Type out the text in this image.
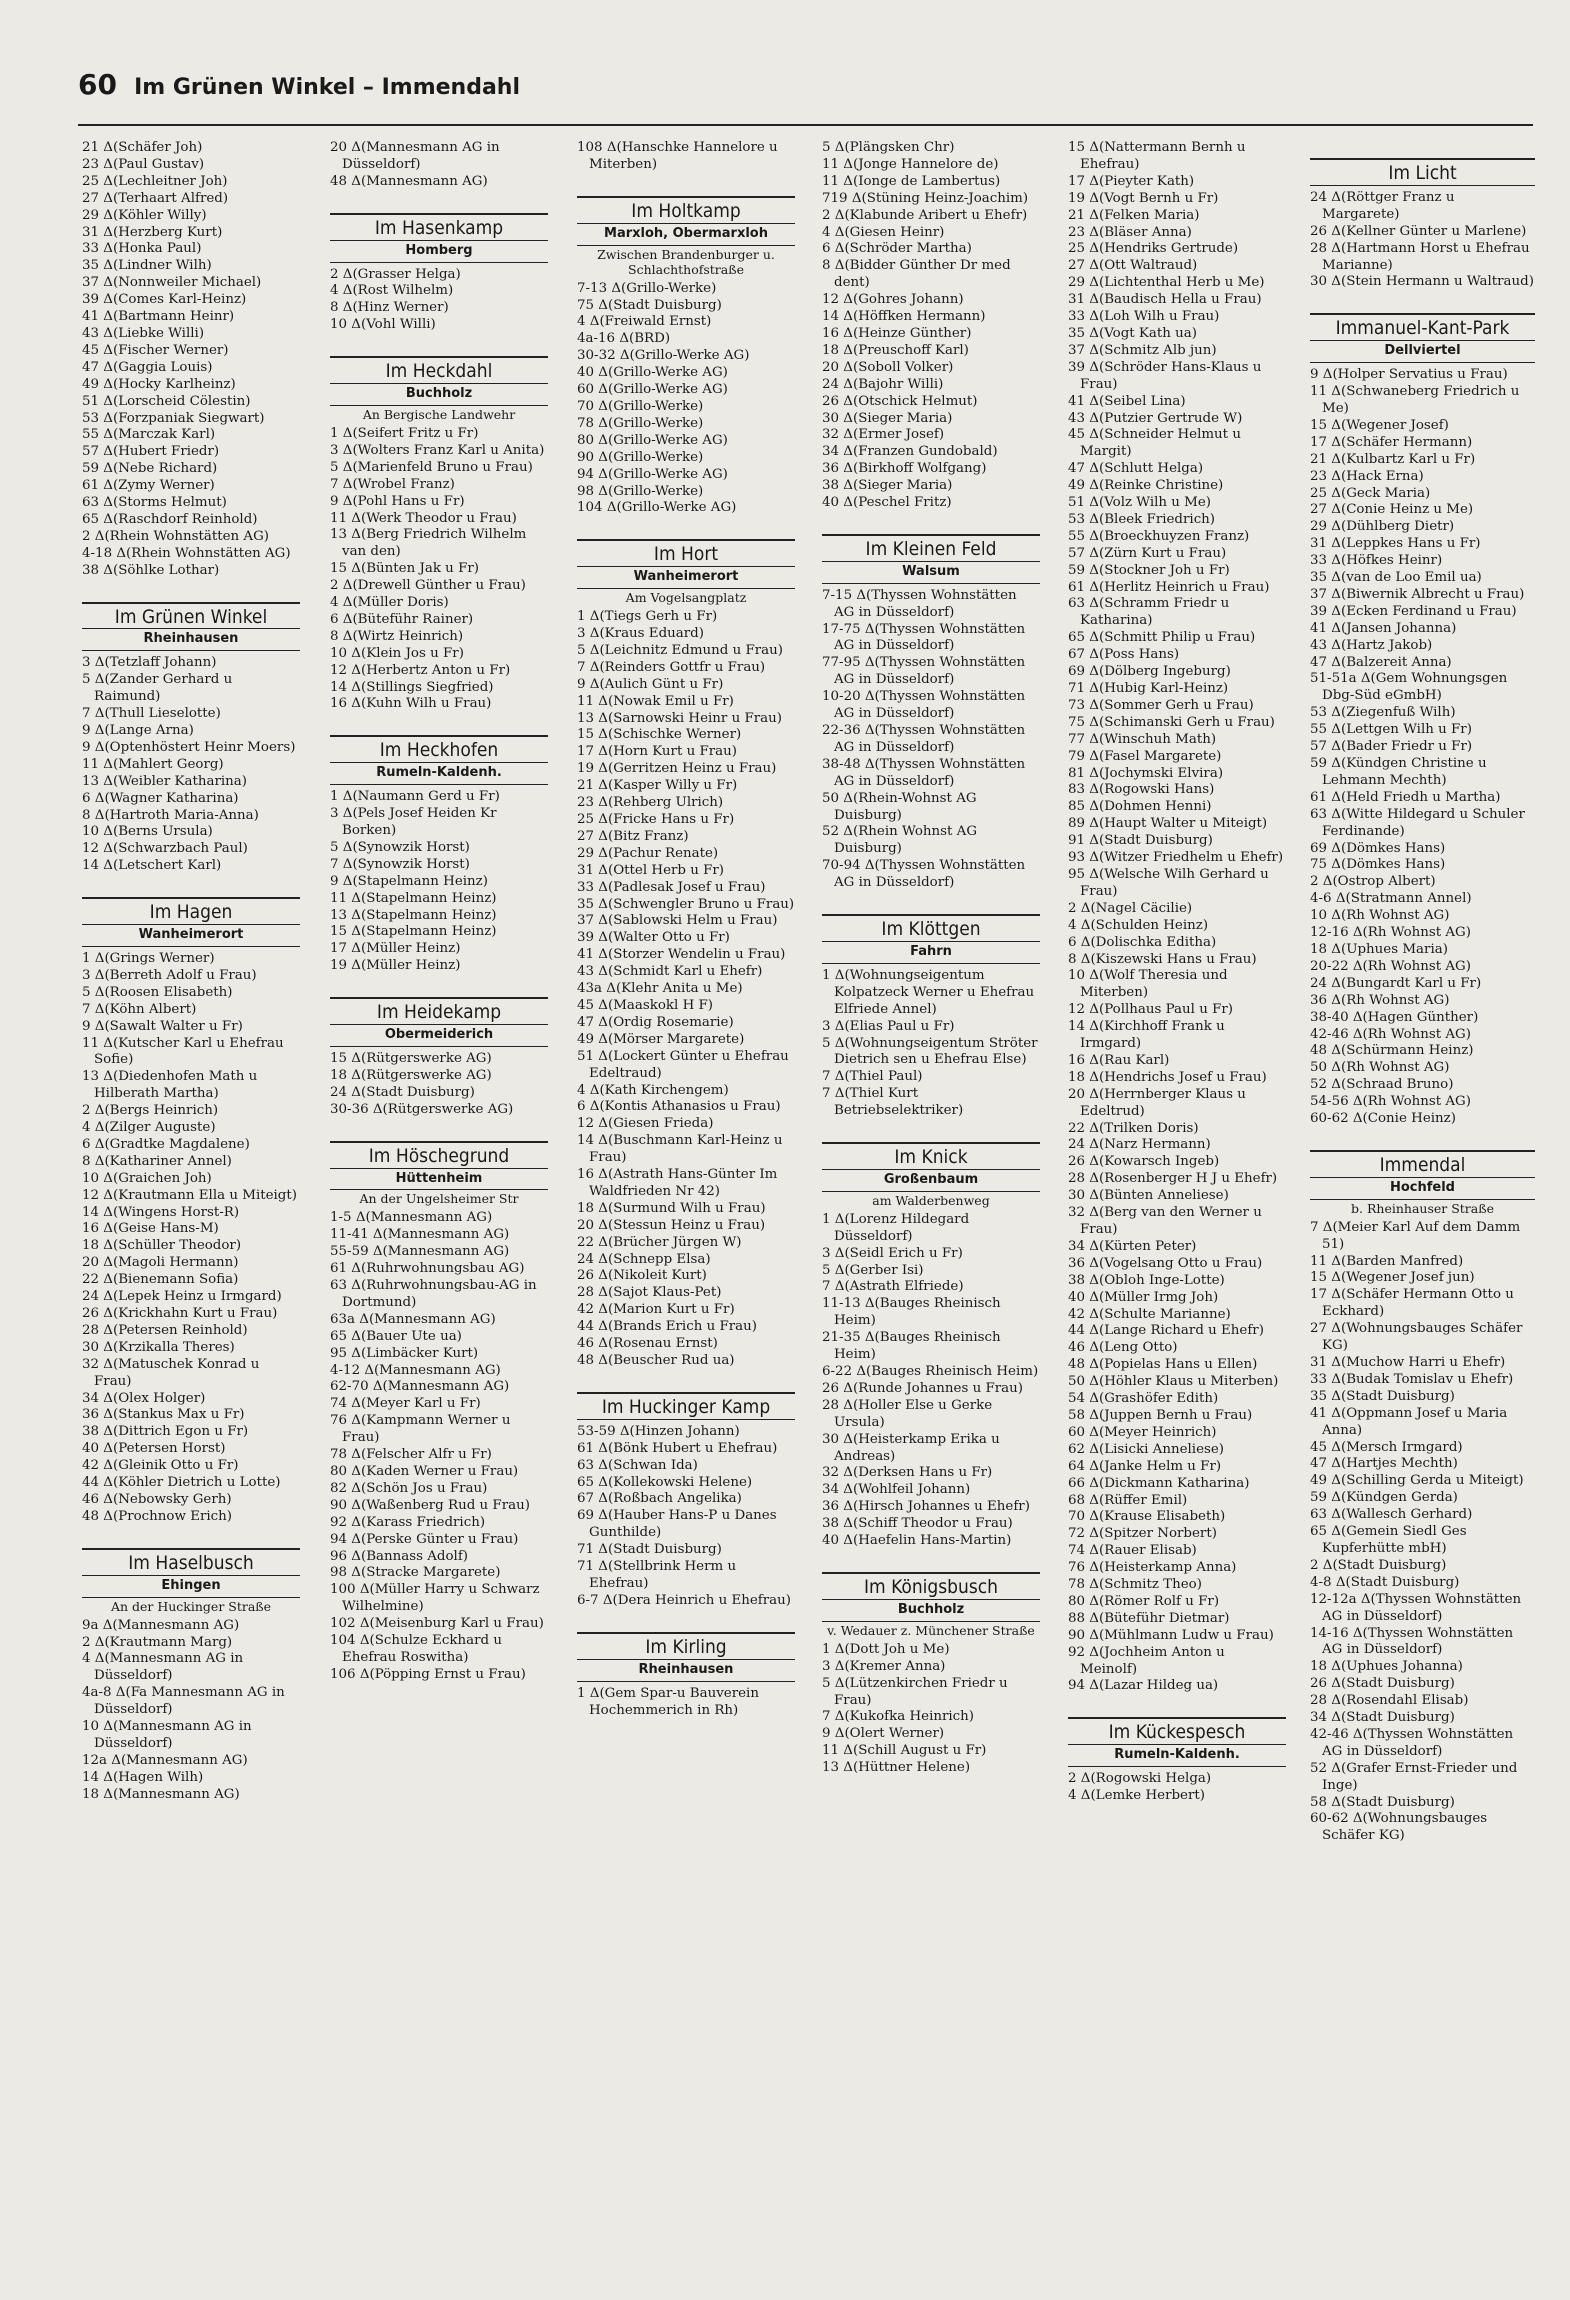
60 Im Grünen Winkel – Immendahl
21 Δ(Schäfer Joh)
23 Δ(Paul Gustav)
25 Δ(Lechleitner Joh)
27 Δ(Terhaart Alfred)
29 Δ(Köhler Willy)
31 Δ(Herzberg Kurt)
33 Δ(Honka Paul)
35 Δ(Lindner Wilh)
37 Δ(Nonnweiler Michael)
39 Δ(Comes Karl-Heinz)
41 Δ(Bartmann Heinr)
43 Δ(Liebke Willi)
45 Δ(Fischer Werner)
47 Δ(Gaggia Louis)
49 Δ(Hocky Karlheinz)
51 Δ(Lorscheid Cölestin)
53 Δ(Forzpaniak Siegwart)
55 Δ(Marczak Karl)
57 Δ(Hubert Friedr)
59 Δ(Nebe Richard)
61 Δ(Zymy Werner)
63 Δ(Storms Helmut)
65 Δ(Raschdorf Reinhold)
2 Δ(Rhein Wohnstätten AG)
4-18 Δ(Rhein Wohnstätten AG)
38 Δ(Söhlke Lothar)
Im Grünen Winkel
Rheinhausen
3 Δ(Tetzlaff Johann)
5 Δ(Zander Gerhard u Raimund)
7 Δ(Thull Lieselotte)
9 Δ(Lange Arna)
9 Δ(Optenhöstert Heinr Moers)
11 Δ(Mahlert Georg)
13 Δ(Weibler Katharina)
6 Δ(Wagner Katharina)
8 Δ(Hartroth Maria-Anna)
10 Δ(Berns Ursula)
12 Δ(Schwarzbach Paul)
14 Δ(Letschert Karl)
Im Hagen
Wanheimerort
1 Δ(Grings Werner)
3 Δ(Berreth Adolf u Frau)
5 Δ(Roosen Elisabeth)
7 Δ(Köhn Albert)
9 Δ(Sawalt Walter u Fr)
11 Δ(Kutscher Karl u Ehefrau Sofie)
13 Δ(Diedenhofen Math u Hilberath Martha)
2 Δ(Bergs Heinrich)
4 Δ(Zilger Auguste)
6 Δ(Gradtke Magdalene)
8 Δ(Kathariner Annel)
10 Δ(Graichen Joh)
12 Δ(Krautmann Ella u Miteigt)
14 Δ(Wingens Horst-R)
16 Δ(Geise Hans-M)
18 Δ(Schüller Theodor)
20 Δ(Magoli Hermann)
22 Δ(Bienemann Sofia)
24 Δ(Lepek Heinz u Irmgard)
26 Δ(Krickhahn Kurt u Frau)
28 Δ(Petersen Reinhold)
30 Δ(Krzikalla Theres)
32 Δ(Matuschek Konrad u Frau)
34 Δ(Olex Holger)
36 Δ(Stankus Max u Fr)
38 Δ(Dittrich Egon u Fr)
40 Δ(Petersen Horst)
42 Δ(Gleinik Otto u Fr)
44 Δ(Köhler Dietrich u Lotte)
46 Δ(Nebowsky Gerh)
48 Δ(Prochnow Erich)
Im Haselbusch
Ehingen
An der Huckinger Straße
9a Δ(Mannesmann AG)
2 Δ(Krautmann Marg)
4 Δ(Mannesmann AG in Düsseldorf)
4a-8 Δ(Fa Mannesmann AG in Düsseldorf)
10 Δ(Mannesmann AG in Düsseldorf)
12a Δ(Mannesmann AG)
14 Δ(Hagen Wilh)
18 Δ(Mannesmann AG)
20 Δ(Mannesmann AG in Düsseldorf)
48 Δ(Mannesmann AG)
Im Hasenkamp
Homberg
2 Δ(Grasser Helga)
4 Δ(Rost Wilhelm)
8 Δ(Hinz Werner)
10 Δ(Vohl Willi)
Im Heckdahl
Buchholz
An Bergische Landwehr
1 Δ(Seifert Fritz u Fr)
3 Δ(Wolters Franz Karl u Anita)
5 Δ(Marienfeld Bruno u Frau)
7 Δ(Wrobel Franz)
9 Δ(Pohl Hans u Fr)
11 Δ(Werk Theodor u Frau)
13 Δ(Berg Friedrich Wilhelm van den)
15 Δ(Bünten Jak u Fr)
2 Δ(Drewell Günther u Frau)
4 Δ(Müller Doris)
6 Δ(Büteführ Rainer)
8 Δ(Wirtz Heinrich)
10 Δ(Klein Jos u Fr)
12 Δ(Herbertz Anton u Fr)
14 Δ(Stillings Siegfried)
16 Δ(Kuhn Wilh u Frau)
Im Heckhofen
Rumeln-Kaldenh.
1 Δ(Naumann Gerd u Fr)
3 Δ(Pels Josef Heiden Kr Borken)
5 Δ(Synowzik Horst)
7 Δ(Synowzik Horst)
9 Δ(Stapelmann Heinz)
11 Δ(Stapelmann Heinz)
13 Δ(Stapelmann Heinz)
15 Δ(Stapelmann Heinz)
17 Δ(Müller Heinz)
19 Δ(Müller Heinz)
Im Heidekamp
Obermeiderich
15 Δ(Rütgerswerke AG)
18 Δ(Rütgerswerke AG)
24 Δ(Stadt Duisburg)
30-36 Δ(Rütgerswerke AG)
Im Höschegrund
Hüttenheim
An der Ungelsheimer Str
1-5 Δ(Mannesmann AG)
11-41 Δ(Mannesmann AG)
55-59 Δ(Mannesmann AG)
61 Δ(Ruhrwohnungsbau AG)
63 Δ(Ruhrwohnungsbau-AG in Dortmund)
63a Δ(Mannesmann AG)
65 Δ(Bauer Ute ua)
95 Δ(Limbäcker Kurt)
4-12 Δ(Mannesmann AG)
62-70 Δ(Mannesmann AG)
74 Δ(Meyer Karl u Fr)
76 Δ(Kampmann Werner u Frau)
78 Δ(Felscher Alfr u Fr)
80 Δ(Kaden Werner u Frau)
82 Δ(Schön Jos u Frau)
90 Δ(Waßenberg Rud u Frau)
92 Δ(Karass Friedrich)
94 Δ(Perske Günter u Frau)
96 Δ(Bannass Adolf)
98 Δ(Stracke Margarete)
100 Δ(Müller Harry u Schwarz Wilhelmine)
102 Δ(Meisenburg Karl u Frau)
104 Δ(Schulze Eckhard u Ehefrau Roswitha)
106 Δ(Pöpping Ernst u Frau)
108 Δ(Hanschke Hannelore u Miterben)
Im Holtkamp
Marxloh, Obermarxloh
Zwischen Brandenburger u. Schlachthofstraße
7-13 Δ(Grillo-Werke)
75 Δ(Stadt Duisburg)
4 Δ(Freiwald Ernst)
4a-16 Δ(BRD)
30-32 Δ(Grillo-Werke AG)
40 Δ(Grillo-Werke AG)
60 Δ(Grillo-Werke AG)
70 Δ(Grillo-Werke)
78 Δ(Grillo-Werke)
80 Δ(Grillo-Werke AG)
90 Δ(Grillo-Werke)
94 Δ(Grillo-Werke AG)
98 Δ(Grillo-Werke)
104 Δ(Grillo-Werke AG)
Im Hort
Wanheimerort
Am Vogelsangplatz
1 Δ(Tiegs Gerh u Fr)
3 Δ(Kraus Eduard)
5 Δ(Leichnitz Edmund u Frau)
7 Δ(Reinders Gottfr u Frau)
9 Δ(Aulich Günt u Fr)
11 Δ(Nowak Emil u Fr)
13 Δ(Sarnowski Heinr u Frau)
15 Δ(Schischke Werner)
17 Δ(Horn Kurt u Frau)
19 Δ(Gerritzen Heinz u Frau)
21 Δ(Kasper Willy u Fr)
23 Δ(Rehberg Ulrich)
25 Δ(Fricke Hans u Fr)
27 Δ(Bitz Franz)
29 Δ(Pachur Renate)
31 Δ(Ottel Herb u Fr)
33 Δ(Padlesak Josef u Frau)
35 Δ(Schwengler Bruno u Frau)
37 Δ(Sablowski Helm u Frau)
39 Δ(Walter Otto u Fr)
41 Δ(Storzer Wendelin u Frau)
43 Δ(Schmidt Karl u Ehefr)
43a Δ(Klehr Anita u Me)
45 Δ(Maaskokl H F)
47 Δ(Ordig Rosemarie)
49 Δ(Mörser Margarete)
51 Δ(Lockert Günter u Ehefrau Edeltraud)
4 Δ(Kath Kirchengem)
6 Δ(Kontis Athanasios u Frau)
12 Δ(Giesen Frieda)
14 Δ(Buschmann Karl-Heinz u Frau)
16 Δ(Astrath Hans-Günter Im Waldfrieden Nr 42)
18 Δ(Surmund Wilh u Frau)
20 Δ(Stessun Heinz u Frau)
22 Δ(Brücher Jürgen W)
24 Δ(Schnepp Elsa)
26 Δ(Nikoleit Kurt)
28 Δ(Sajot Klaus-Pet)
42 Δ(Marion Kurt u Fr)
44 Δ(Brands Erich u Frau)
46 Δ(Rosenau Ernst)
48 Δ(Beuscher Rud ua)
Im Huckinger Kamp
53-59 Δ(Hinzen Johann)
61 Δ(Bönk Hubert u Ehefrau)
63 Δ(Schwan Ida)
65 Δ(Kollekowski Helene)
67 Δ(Roßbach Angelika)
69 Δ(Hauber Hans-P u Danes Gunthilde)
71 Δ(Stadt Duisburg)
71 Δ(Stellbrink Herm u Ehefrau)
6-7 Δ(Dera Heinrich u Ehefrau)
Im Kirling
Rheinhausen
1 Δ(Gem Spar-u Bauverein Hochemmerich in Rh)
5 Δ(Plängsken Chr)
11 Δ(Jonge Hannelore de)
11 Δ(Ionge de Lambertus)
719 Δ(Stüning Heinz-Joachim)
2 Δ(Klabunde Aribert u Ehefr)
4 Δ(Giesen Heinr)
6 Δ(Schröder Martha)
8 Δ(Bidder Günther Dr med dent)
12 Δ(Gohres Johann)
14 Δ(Höffken Hermann)
16 Δ(Heinze Günther)
18 Δ(Preuschoff Karl)
20 Δ(Soboll Volker)
24 Δ(Bajohr Willi)
26 Δ(Otschick Helmut)
30 Δ(Sieger Maria)
32 Δ(Ermer Josef)
34 Δ(Franzen Gundobald)
36 Δ(Birkhoff Wolfgang)
38 Δ(Sieger Maria)
40 Δ(Peschel Fritz)
Im Kleinen Feld
Walsum
7-15 Δ(Thyssen Wohnstätten AG in Düsseldorf)
17-75 Δ(Thyssen Wohnstätten AG in Düsseldorf)
77-95 Δ(Thyssen Wohnstätten AG in Düsseldorf)
10-20 Δ(Thyssen Wohnstätten AG in Düsseldorf)
22-36 Δ(Thyssen Wohnstätten AG in Düsseldorf)
38-48 Δ(Thyssen Wohnstätten AG in Düsseldorf)
50 Δ(Rhein-Wohnst AG Duisburg)
52 Δ(Rhein Wohnst AG Duisburg)
70-94 Δ(Thyssen Wohnstätten AG in Düsseldorf)
Im Klöttgen
Fahrn
1 Δ(Wohnungseigentum Kolpatzeck Werner u Ehefrau Elfriede Annel)
3 Δ(Elias Paul u Fr)
5 Δ(Wohnungseigentum Ströter Dietrich sen u Ehefrau Else)
7 Δ(Thiel Paul)
7 Δ(Thiel Kurt Betriebselektriker)
Im Knick
Großenbaum
am Walderbenweg
1 Δ(Lorenz Hildegard Düsseldorf)
3 Δ(Seidl Erich u Fr)
5 Δ(Gerber Isi)
7 Δ(Astrath Elfriede)
11-13 Δ(Bauges Rheinisch Heim)
21-35 Δ(Bauges Rheinisch Heim)
6-22 Δ(Bauges Rheinisch Heim)
26 Δ(Runde Johannes u Frau)
28 Δ(Holler Else u Gerke Ursula)
30 Δ(Heisterkamp Erika u Andreas)
32 Δ(Derksen Hans u Fr)
34 Δ(Wohlfeil Johann)
36 Δ(Hirsch Johannes u Ehefr)
38 Δ(Schiff Theodor u Frau)
40 Δ(Haefelin Hans-Martin)
Im Königsbusch
Buchholz
v. Wedauer z. Münchener Straße
1 Δ(Dott Joh u Me)
3 Δ(Kremer Anna)
5 Δ(Lützenkirchen Friedr u Frau)
7 Δ(Kukofka Heinrich)
9 Δ(Olert Werner)
11 Δ(Schill August u Fr)
13 Δ(Hüttner Helene)
15 Δ(Nattermann Bernh u Ehefrau)
17 Δ(Pieyter Kath)
19 Δ(Vogt Bernh u Fr)
21 Δ(Felken Maria)
23 Δ(Bläser Anna)
25 Δ(Hendriks Gertrude)
27 Δ(Ott Waltraud)
29 Δ(Lichtenthal Herb u Me)
31 Δ(Baudisch Hella u Frau)
33 Δ(Loh Wilh u Frau)
35 Δ(Vogt Kath ua)
37 Δ(Schmitz Alb jun)
39 Δ(Schröder Hans-Klaus u Frau)
41 Δ(Seibel Lina)
43 Δ(Putzier Gertrude W)
45 Δ(Schneider Helmut u Margit)
47 Δ(Schlutt Helga)
49 Δ(Reinke Christine)
51 Δ(Volz Wilh u Me)
53 Δ(Bleek Friedrich)
55 Δ(Broeckhuyzen Franz)
57 Δ(Zürn Kurt u Frau)
59 Δ(Stockner Joh u Fr)
61 Δ(Herlitz Heinrich u Frau)
63 Δ(Schramm Friedr u Katharina)
65 Δ(Schmitt Philip u Frau)
67 Δ(Poss Hans)
69 Δ(Dölberg Ingeburg)
71 Δ(Hubig Karl-Heinz)
73 Δ(Sommer Gerh u Frau)
75 Δ(Schimanski Gerh u Frau)
77 Δ(Winschuh Math)
79 Δ(Fasel Margarete)
81 Δ(Jochymski Elvira)
83 Δ(Rogowski Hans)
85 Δ(Dohmen Henni)
89 Δ(Haupt Walter u Miteigt)
91 Δ(Stadt Duisburg)
93 Δ(Witzer Friedhelm u Ehefr)
95 Δ(Welsche Wilh Gerhard u Frau)
2 Δ(Nagel Cäcilie)
4 Δ(Schulden Heinz)
6 Δ(Dolischka Editha)
8 Δ(Kiszewski Hans u Frau)
10 Δ(Wolf Theresia und Miterben)
12 Δ(Pollhaus Paul u Fr)
14 Δ(Kirchhoff Frank u Irmgard)
16 Δ(Rau Karl)
18 Δ(Hendrichs Josef u Frau)
20 Δ(Herrnberger Klaus u Edeltrud)
22 Δ(Trilken Doris)
24 Δ(Narz Hermann)
26 Δ(Kowarsch Ingeb)
28 Δ(Rosenberger H J u Ehefr)
30 Δ(Bünten Anneliese)
32 Δ(Berg van den Werner u Frau)
34 Δ(Kürten Peter)
36 Δ(Vogelsang Otto u Frau)
38 Δ(Obloh Inge-Lotte)
40 Δ(Müller Irmg Joh)
42 Δ(Schulte Marianne)
44 Δ(Lange Richard u Ehefr)
46 Δ(Leng Otto)
48 Δ(Popielas Hans u Ellen)
50 Δ(Höhler Klaus u Miterben)
54 Δ(Grashöfer Edith)
58 Δ(Juppen Bernh u Frau)
60 Δ(Meyer Heinrich)
62 Δ(Lisicki Anneliese)
64 Δ(Janke Helm u Fr)
66 Δ(Dickmann Katharina)
68 Δ(Rüffer Emil)
70 Δ(Krause Elisabeth)
72 Δ(Spitzer Norbert)
74 Δ(Rauer Elisab)
76 Δ(Heisterkamp Anna)
78 Δ(Schmitz Theo)
80 Δ(Römer Rolf u Fr)
88 Δ(Büteführ Dietmar)
90 Δ(Mühlmann Ludw u Frau)
92 Δ(Jochheim Anton u Meinolf)
94 Δ(Lazar Hildeg ua)
Im Kückespesch
Rumeln-Kaldenh.
2 Δ(Rogowski Helga)
4 Δ(Lemke Herbert)
Im Licht
24 Δ(Röttger Franz u Margarete)
26 Δ(Kellner Günter u Marlene)
28 Δ(Hartmann Horst u Ehefrau Marianne)
30 Δ(Stein Hermann u Waltraud)
Immanuel-Kant-Park
Dellviertel
9 Δ(Holper Servatius u Frau)
11 Δ(Schwaneberg Friedrich u Me)
15 Δ(Wegener Josef)
17 Δ(Schäfer Hermann)
21 Δ(Kulbartz Karl u Fr)
23 Δ(Hack Erna)
25 Δ(Geck Maria)
27 Δ(Conie Heinz u Me)
29 Δ(Dühlberg Dietr)
31 Δ(Leppkes Hans u Fr)
33 Δ(Höfkes Heinr)
35 Δ(van de Loo Emil ua)
37 Δ(Biwernik Albrecht u Frau)
39 Δ(Ecken Ferdinand u Frau)
41 Δ(Jansen Johanna)
43 Δ(Hartz Jakob)
47 Δ(Balzereit Anna)
51-51a Δ(Gem Wohnungsgen Dbg-Süd eGmbH)
53 Δ(Ziegenfuß Wilh)
55 Δ(Lettgen Wilh u Fr)
57 Δ(Bader Friedr u Fr)
59 Δ(Kündgen Christine u Lehmann Mechth)
61 Δ(Held Friedh u Martha)
63 Δ(Witte Hildegard u Schuler Ferdinande)
69 Δ(Dömkes Hans)
75 Δ(Dömkes Hans)
2 Δ(Ostrop Albert)
4-6 Δ(Stratmann Annel)
10 Δ(Rh Wohnst AG)
12-16 Δ(Rh Wohnst AG)
18 Δ(Uphues Maria)
20-22 Δ(Rh Wohnst AG)
24 Δ(Bungardt Karl u Fr)
36 Δ(Rh Wohnst AG)
38-40 Δ(Hagen Günther)
42-46 Δ(Rh Wohnst AG)
48 Δ(Schürmann Heinz)
50 Δ(Rh Wohnst AG)
52 Δ(Schraad Bruno)
54-56 Δ(Rh Wohnst AG)
60-62 Δ(Conie Heinz)
Immendal
Hochfeld
b. Rheinhauser Straße
7 Δ(Meier Karl Auf dem Damm 51)
11 Δ(Barden Manfred)
15 Δ(Wegener Josef jun)
17 Δ(Schäfer Hermann Otto u Eckhard)
27 Δ(Wohnungsbauges Schäfer KG)
31 Δ(Muchow Harri u Ehefr)
33 Δ(Budak Tomislav u Ehefr)
35 Δ(Stadt Duisburg)
41 Δ(Oppmann Josef u Maria Anna)
45 Δ(Mersch Irmgard)
47 Δ(Hartjes Mechth)
49 Δ(Schilling Gerda u Miteigt)
59 Δ(Kündgen Gerda)
63 Δ(Wallesch Gerhard)
65 Δ(Gemein Siedl Ges Kupferhütte mbH)
2 Δ(Stadt Duisburg)
4-8 Δ(Stadt Duisburg)
12-12a Δ(Thyssen Wohnstätten AG in Düsseldorf)
14-16 Δ(Thyssen Wohnstätten AG in Düsseldorf)
18 Δ(Uphues Johanna)
26 Δ(Stadt Duisburg)
28 Δ(Rosendahl Elisab)
34 Δ(Stadt Duisburg)
42-46 Δ(Thyssen Wohnstätten AG in Düsseldorf)
52 Δ(Grafer Ernst-Frieder und Inge)
58 Δ(Stadt Duisburg)
60-62 Δ(Wohnungsbauges Schäfer KG)
